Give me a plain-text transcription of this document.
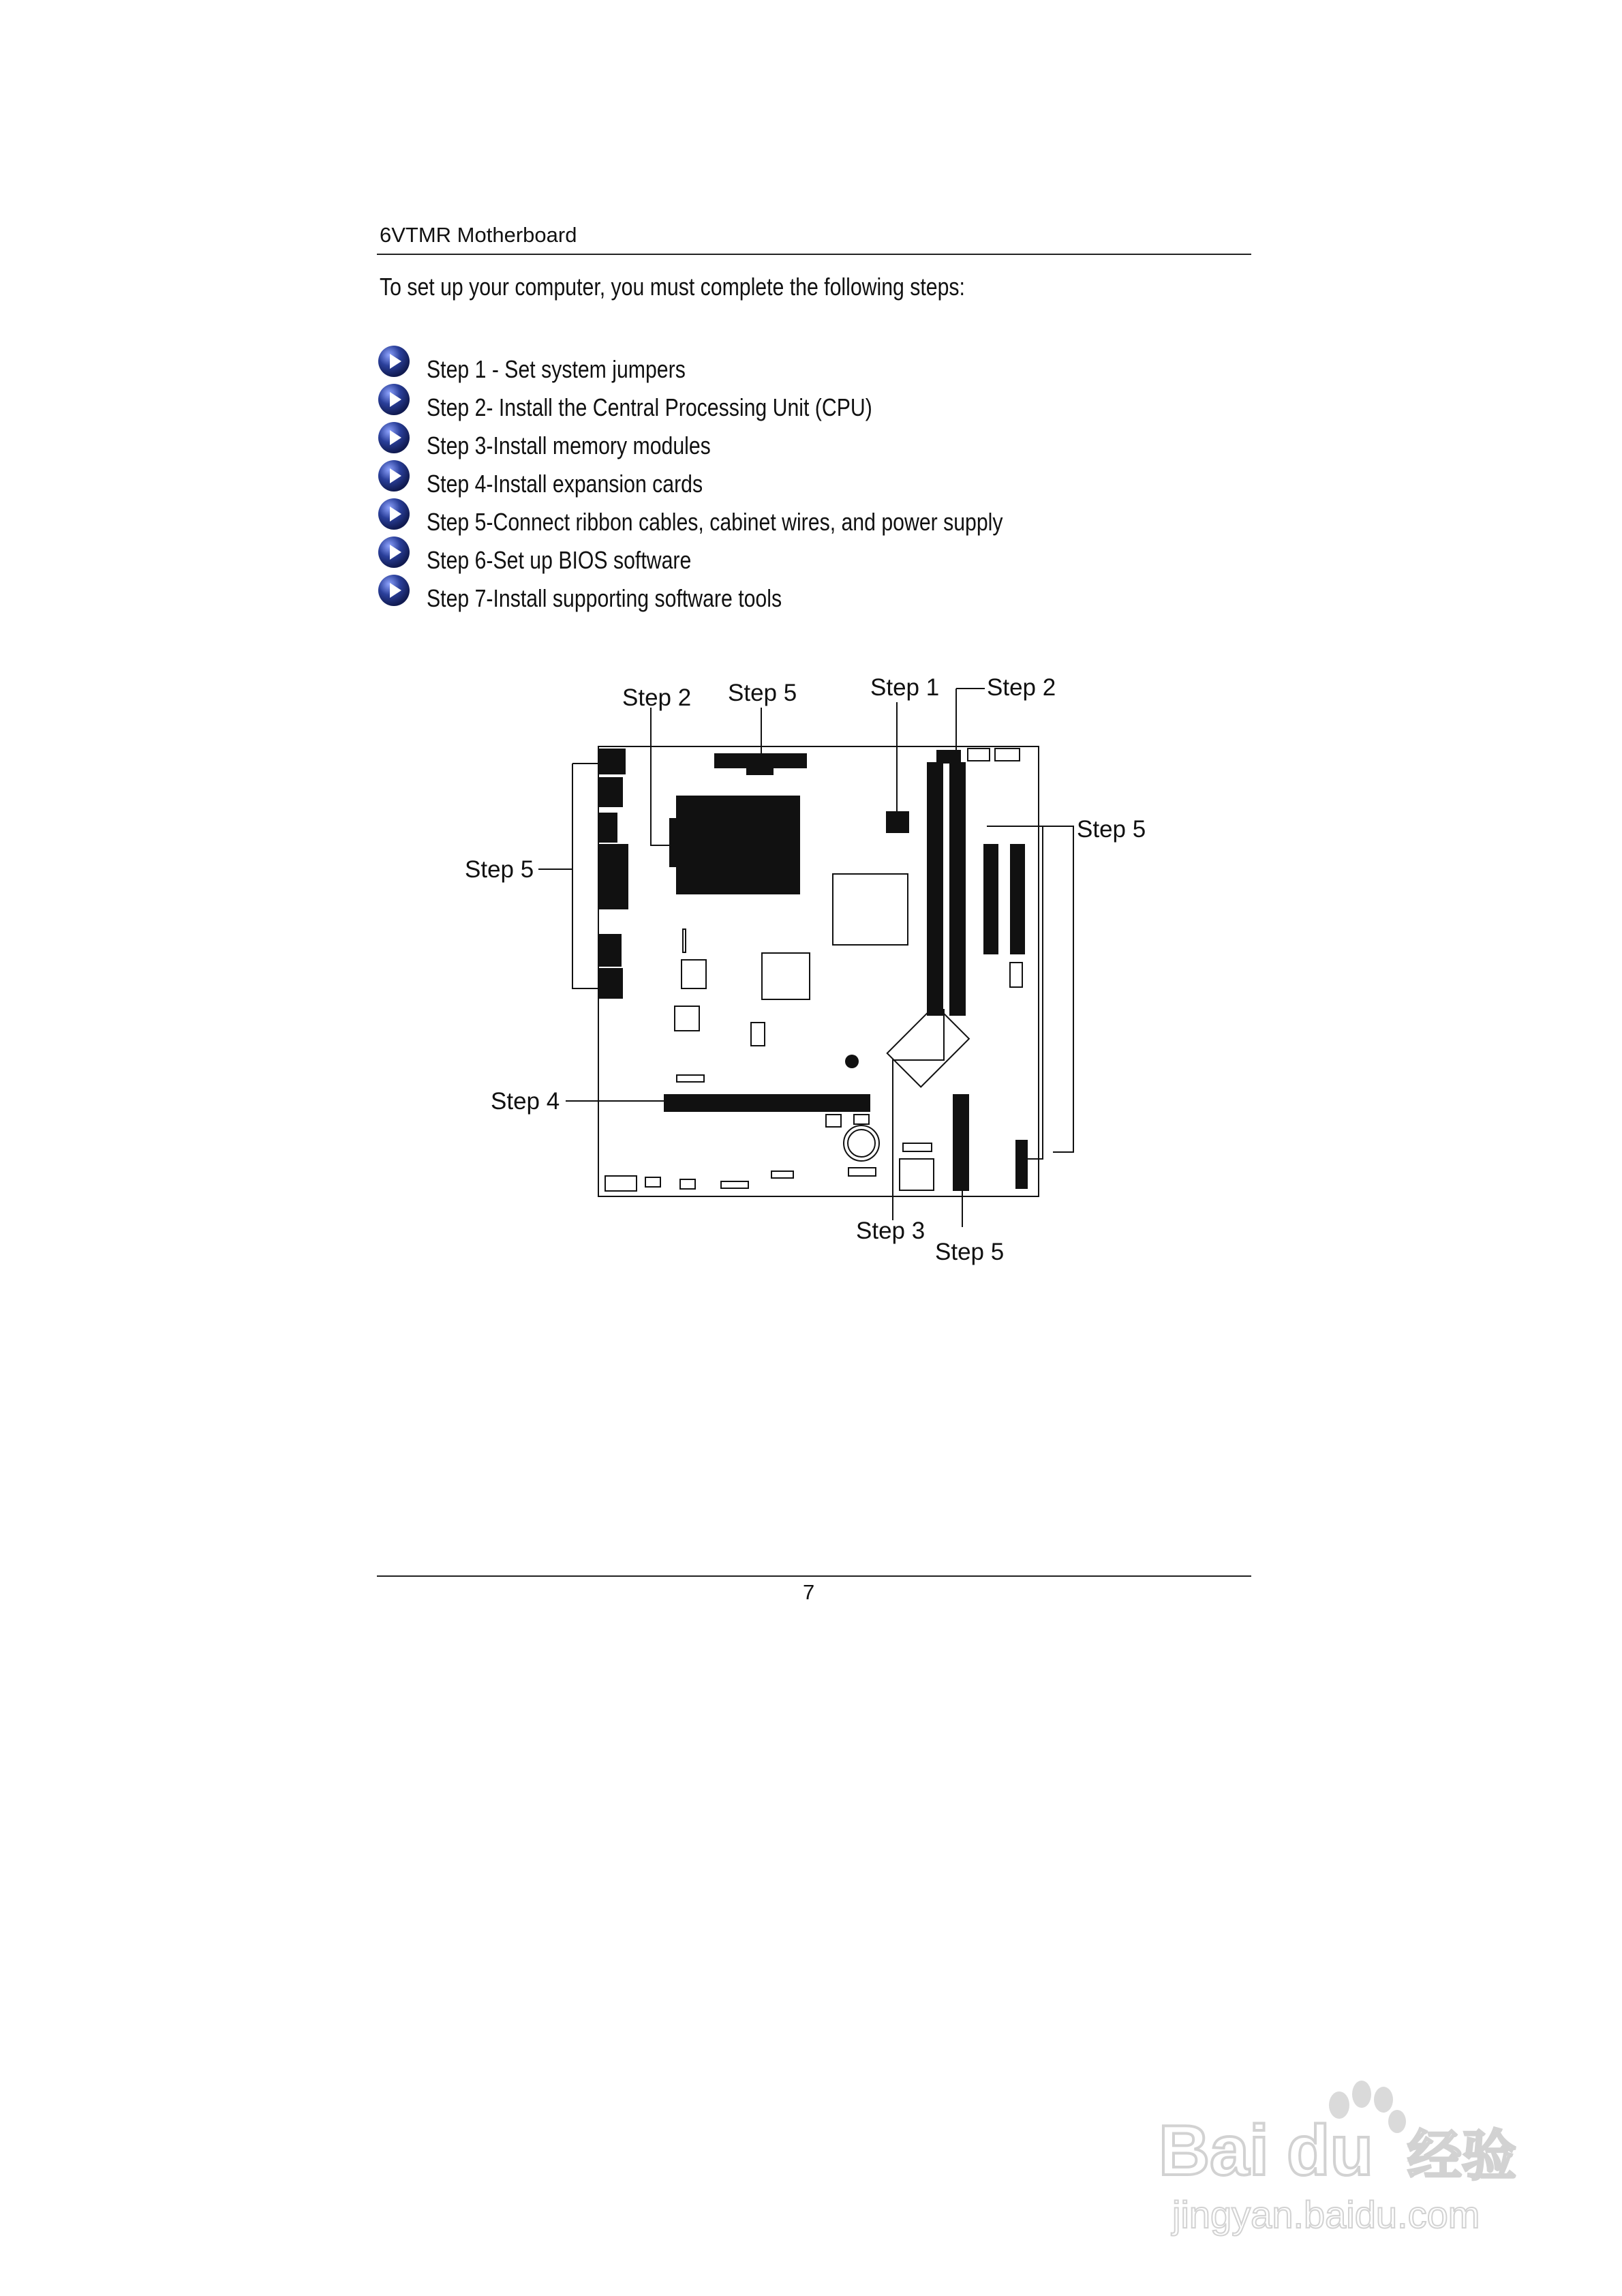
6VTMR Motherboard
To set up your computer, you must complete the following steps:
Step 1 - Set system jumpers
Step 2- Install the Central Processing Unit (CPU)
Step 3-Install memory modules
Step 4-Install expansion cards
Step 5-Connect ribbon cables, cabinet wires, and power supply
Step 6-Set up BIOS software
Step 7-Install supporting software tools
Step 2 Step 5	Step 1 Step 2
Step 5
Step 5
Step 4
Step 3
Step 5
7
Bai du 经验
jingyan.baidu.com
